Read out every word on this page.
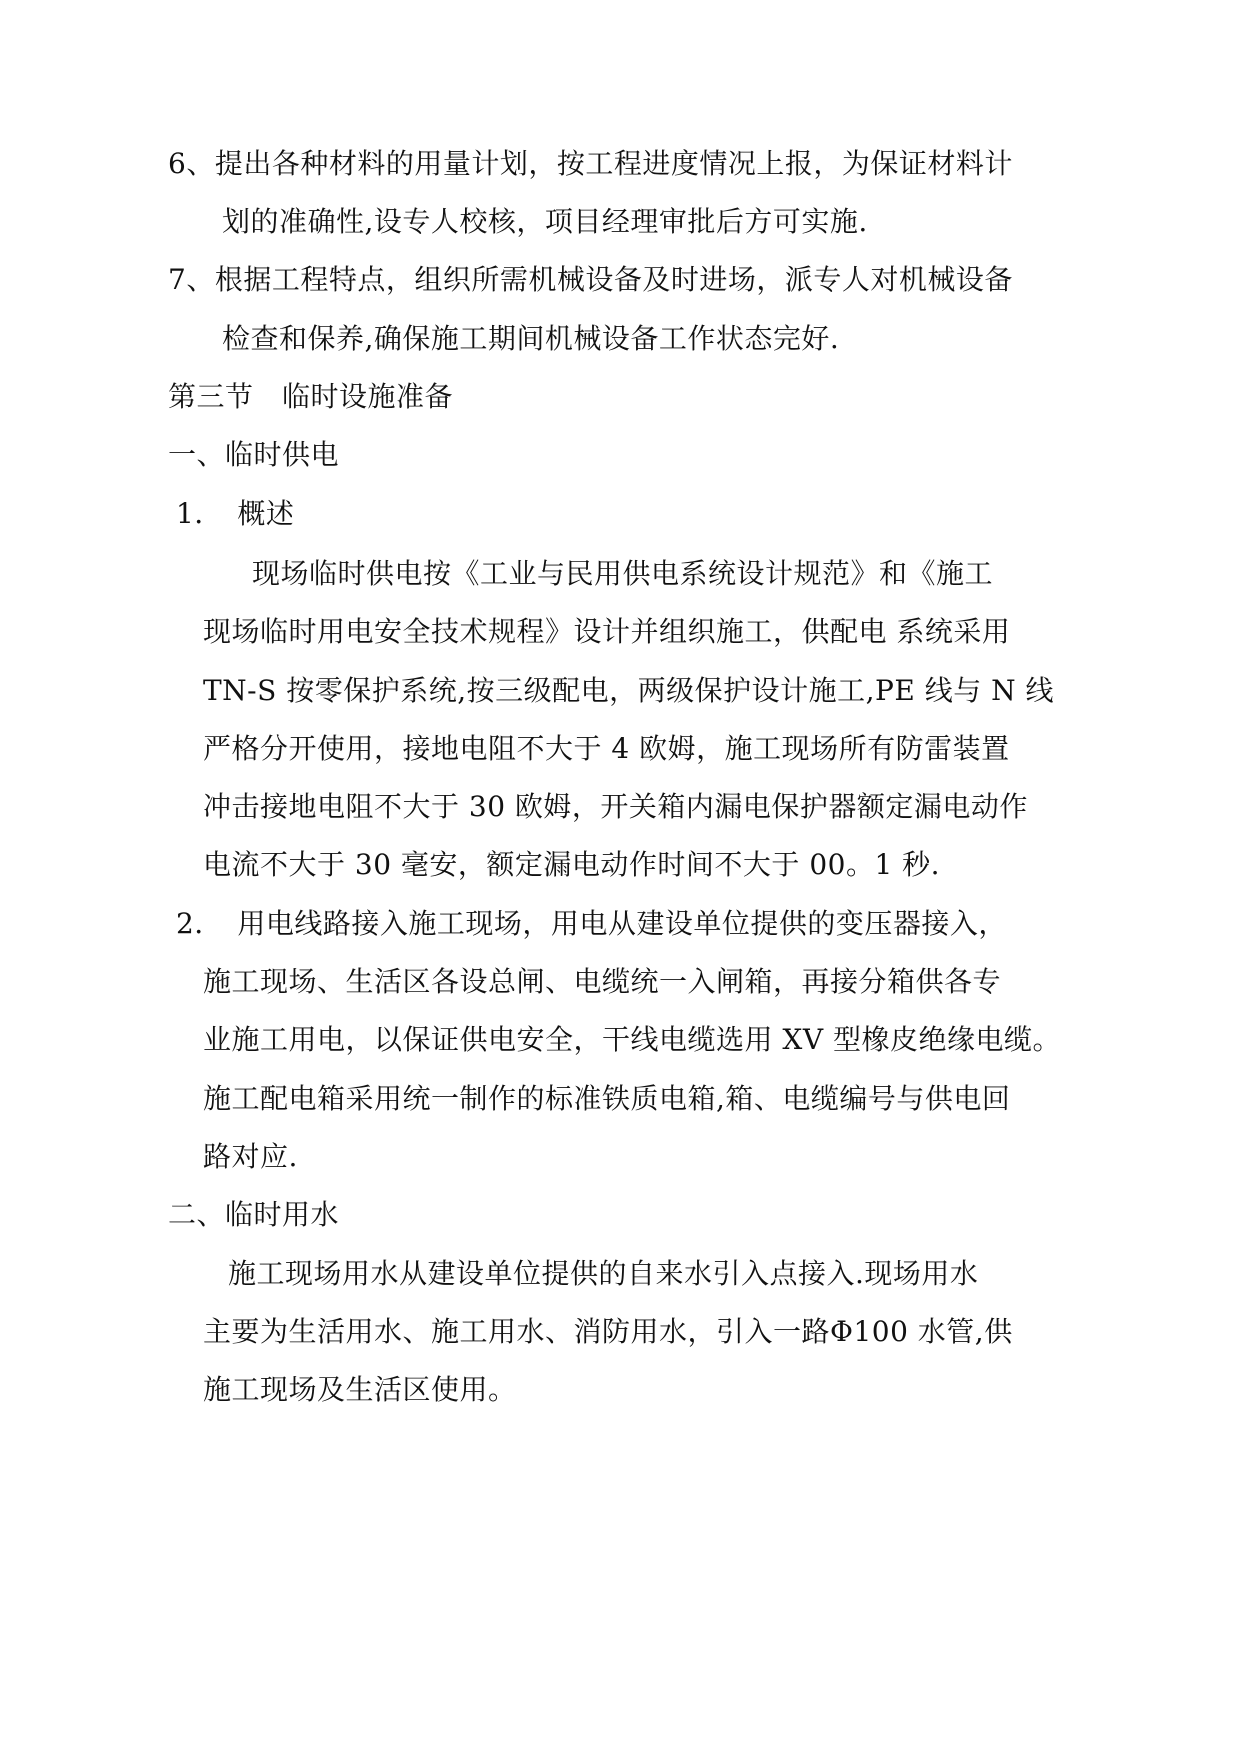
6、提出各种材料的用量计划，按工程进度情况上报，为保证材料计
划的准确性,设专人校核，项目经理审批后方可实施.
7、根据工程特点，组织所需机械设备及时进场，派专人对机械设备
检查和保养,确保施工期间机械设备工作状态完好.
第三节　临时设施准备
一、临时供电
1．　概述
现场临时供电按《工业与民用供电系统设计规范》和《施工
现场临时用电安全技术规程》设计并组织施工，供配电 系统采用
TN-S 按零保护系统,按三级配电，两级保护设计施工,PE 线与 N 线
严格分开使用，接地电阻不大于 4 欧姆，施工现场所有防雷装置
冲击接地电阻不大于 30 欧姆，开关箱内漏电保护器额定漏电动作
电流不大于 30 毫安，额定漏电动作时间不大于 00。1 秒.
2．　用电线路接入施工现场，用电从建设单位提供的变压器接入，
施工现场、生活区各设总闸、电缆统一入闸箱，再接分箱供各专
业施工用电，以保证供电安全，干线电缆选用 XV 型橡皮绝缘电缆。
施工配电箱采用统一制作的标准铁质电箱,箱、电缆编号与供电回
路对应.
二、临时用水
施工现场用水从建设单位提供的自来水引入点接入.现场用水
主要为生活用水、施工用水、消防用水，引入一路Φ100 水管,供
施工现场及生活区使用。
